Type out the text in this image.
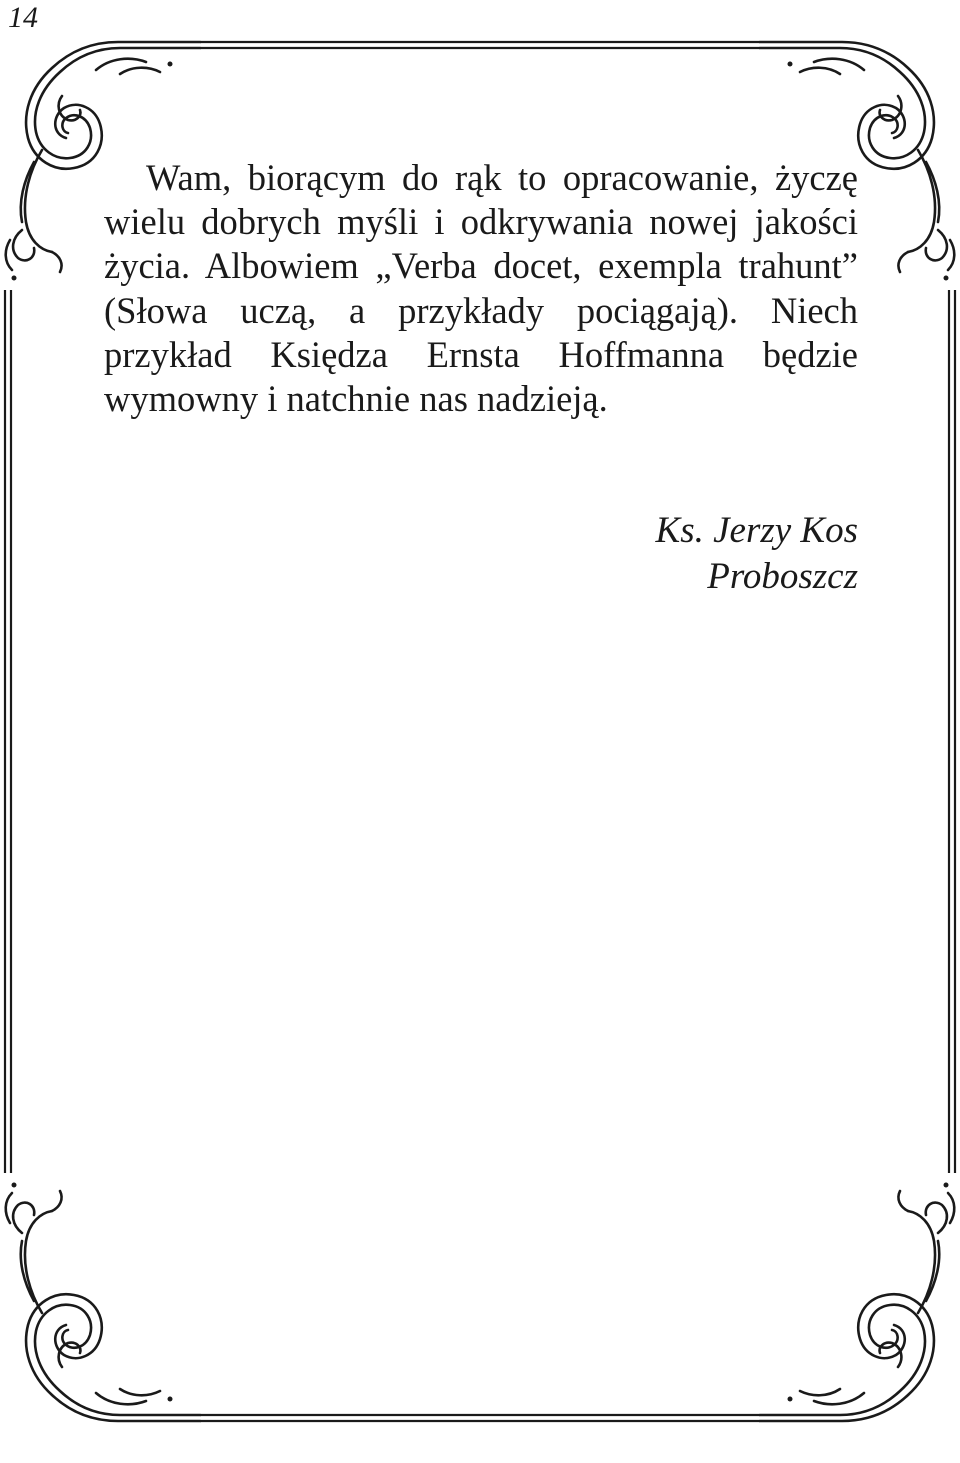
14

Wam, biorącym do rąk to opracowanie, życzę wielu dobrych myśli i odkrywania nowej jakości życia. Albowiem „Verba docet, exempla trahunt” (Słowa uczą, a przykłady pociągają). Niech przykład Księdza Ernsta Hoffmanna będzie wymowny i natchnie nas nadzieją.

Ks. Jerzy Kos
Proboszcz
